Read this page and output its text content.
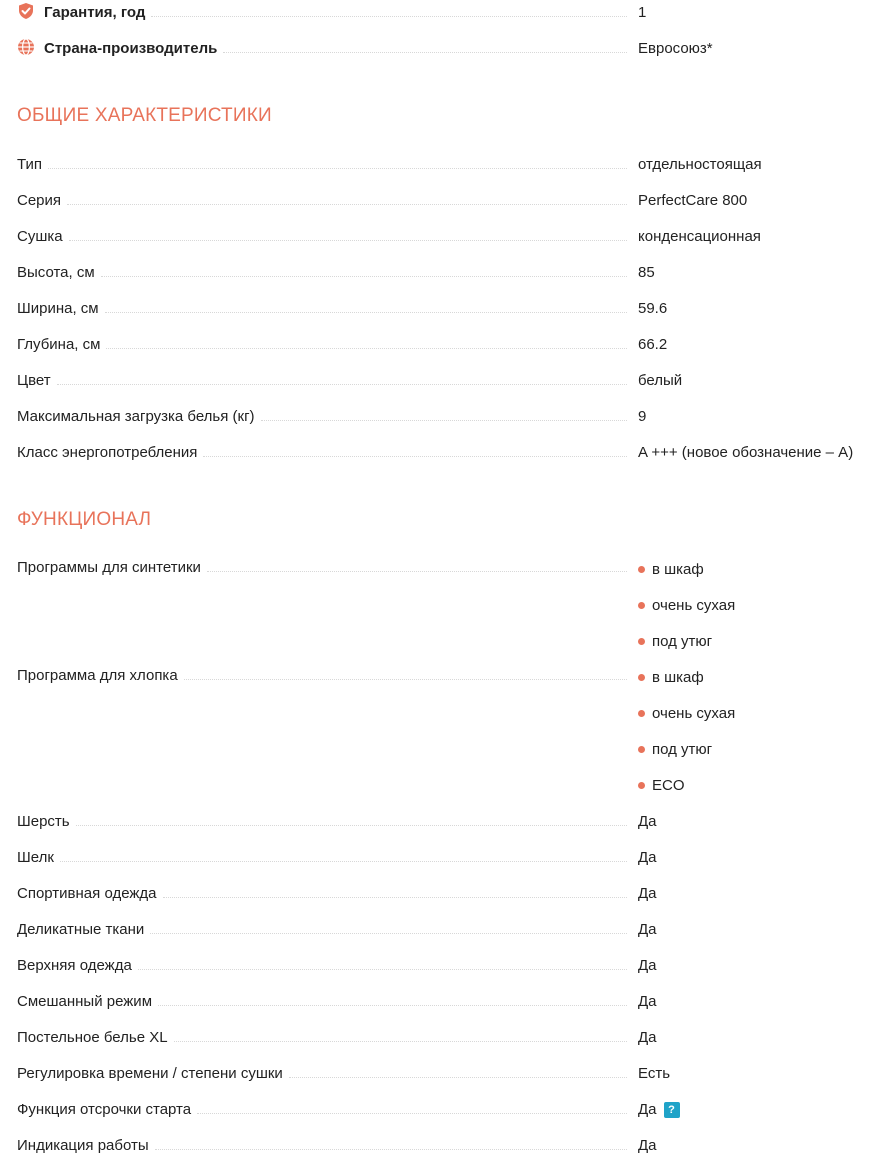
Гарантия, год	1
Страна-производитель	Евросоюз*
ОБЩИЕ ХАРАКТЕРИСТИКИ
Тип	отдельностоящая
Серия	PerfectCare 800
Сушка	конденсационная
Высота, см	85
Ширина, см	59.6
Глубина, см	66.2
Цвет	белый
Максимальная загрузка белья (кг)	9
Класс энергопотребления	A +++ (новое обозначение – A)
ФУНКЦИОНАЛ
Программы для синтетики	в шкаф
очень сухая
под утюг
Программа для хлопка	в шкаф
очень сухая
под утюг
ECO
Шерсть	Да
Шелк	Да
Спортивная одежда	Да
Деликатные ткани	Да
Верхняя одежда	Да
Смешанный режим	Да
Постельное белье XL	Да
Регулировка времени / степени сушки	Есть
Функция отсрочки старта	Да ?
Индикация работы	Да
